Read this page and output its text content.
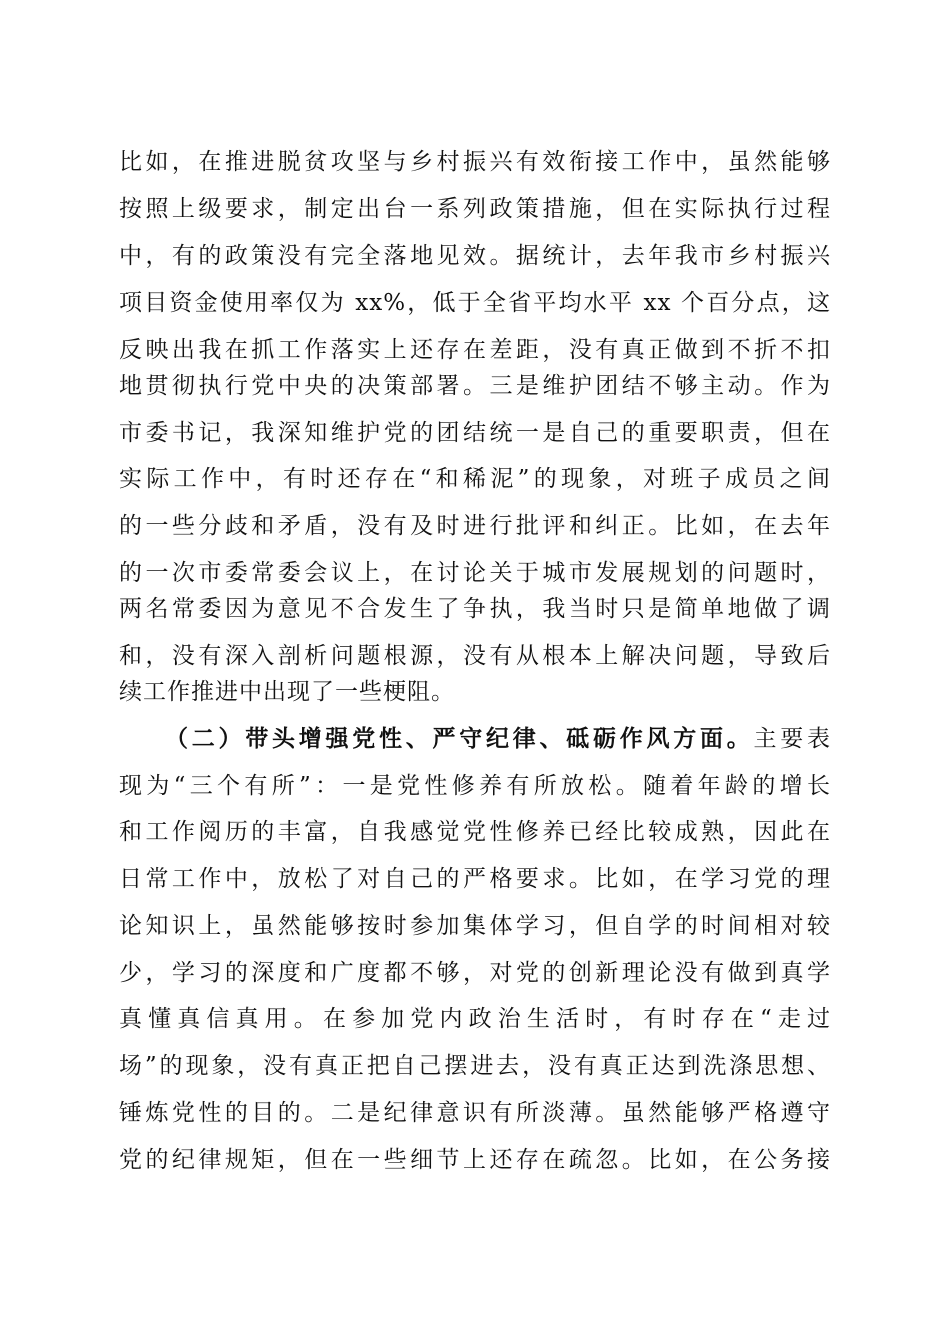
比如，在推进脱贫攻坚与乡村振兴有效衔接工作中，虽然能够
按照上级要求，制定出台一系列政策措施，但在实际执行过程
中，有的政策没有完全落地见效。据统计，去年我市乡村振兴
项目资金使用率仅为 xx%，低于全省平均水平 xx 个百分点，这
反映出我在抓工作落实上还存在差距，没有真正做到不折不扣
地贯彻执行党中央的决策部署。三是维护团结不够主动。作为
市委书记，我深知维护党的团结统一是自己的重要职责，但在
实际工作中，有时还存在“和稀泥”的现象，对班子成员之间
的一些分歧和矛盾，没有及时进行批评和纠正。比如，在去年
的一次市委常委会议上，在讨论关于城市发展规划的问题时，
两名常委因为意见不合发生了争执，我当时只是简单地做了调
和，没有深入剖析问题根源，没有从根本上解决问题，导致后
续工作推进中出现了一些梗阻。
（二）带头增强党性、严守纪律、砥砺作风方面。主要表
现为“三个有所”：一是党性修养有所放松。随着年龄的增长
和工作阅历的丰富，自我感觉党性修养已经比较成熟，因此在
日常工作中，放松了对自己的严格要求。比如，在学习党的理
论知识上，虽然能够按时参加集体学习，但自学的时间相对较
少，学习的深度和广度都不够，对党的创新理论没有做到真学
真懂真信真用。在参加党内政治生活时，有时存在“走过
场”的现象，没有真正把自己摆进去，没有真正达到洗涤思想、
锤炼党性的目的。二是纪律意识有所淡薄。虽然能够严格遵守
党的纪律规矩，但在一些细节上还存在疏忽。比如，在公务接
